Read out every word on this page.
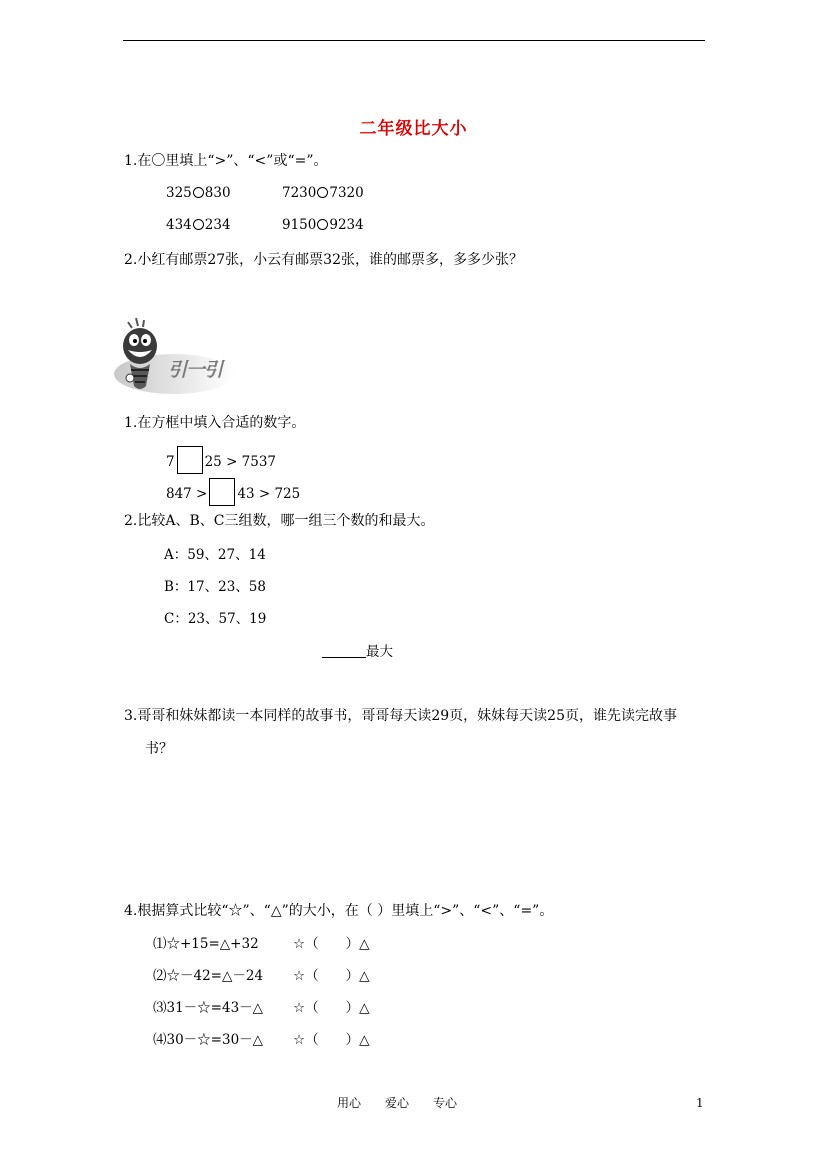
二年级比大小
1.在〇里填上“>”、“<”或“=”。
325 830	7230 7320
434 234	9150 9234
2.小红有邮票27张，小云有邮票32张，谁的邮票多，多多少张？
引一引
1.在方框中填入合适的数字。
7 25 > 7537
847 > 43 > 725
2.比较A、B、C三组数，哪一组三个数的和最大。
A：59、27、14
B：17、23、58
C：23、57、19
最大
3.哥哥和妹妹都读一本同样的故事书，哥哥每天读29页，妹妹每天读25页，谁先读完故事
书？
4.根据算式比较“☆”、“△”的大小，在（ ）里填上“>”、“<”、“=”。
⑴☆+15=△+32	☆（　　）△
⑵☆－42=△－24 ☆（　　）△
⑶31－☆=43－△ ☆（　　）△
⑷30－☆=30－△ ☆（　　）△
用心　　爱心　　专心	1
